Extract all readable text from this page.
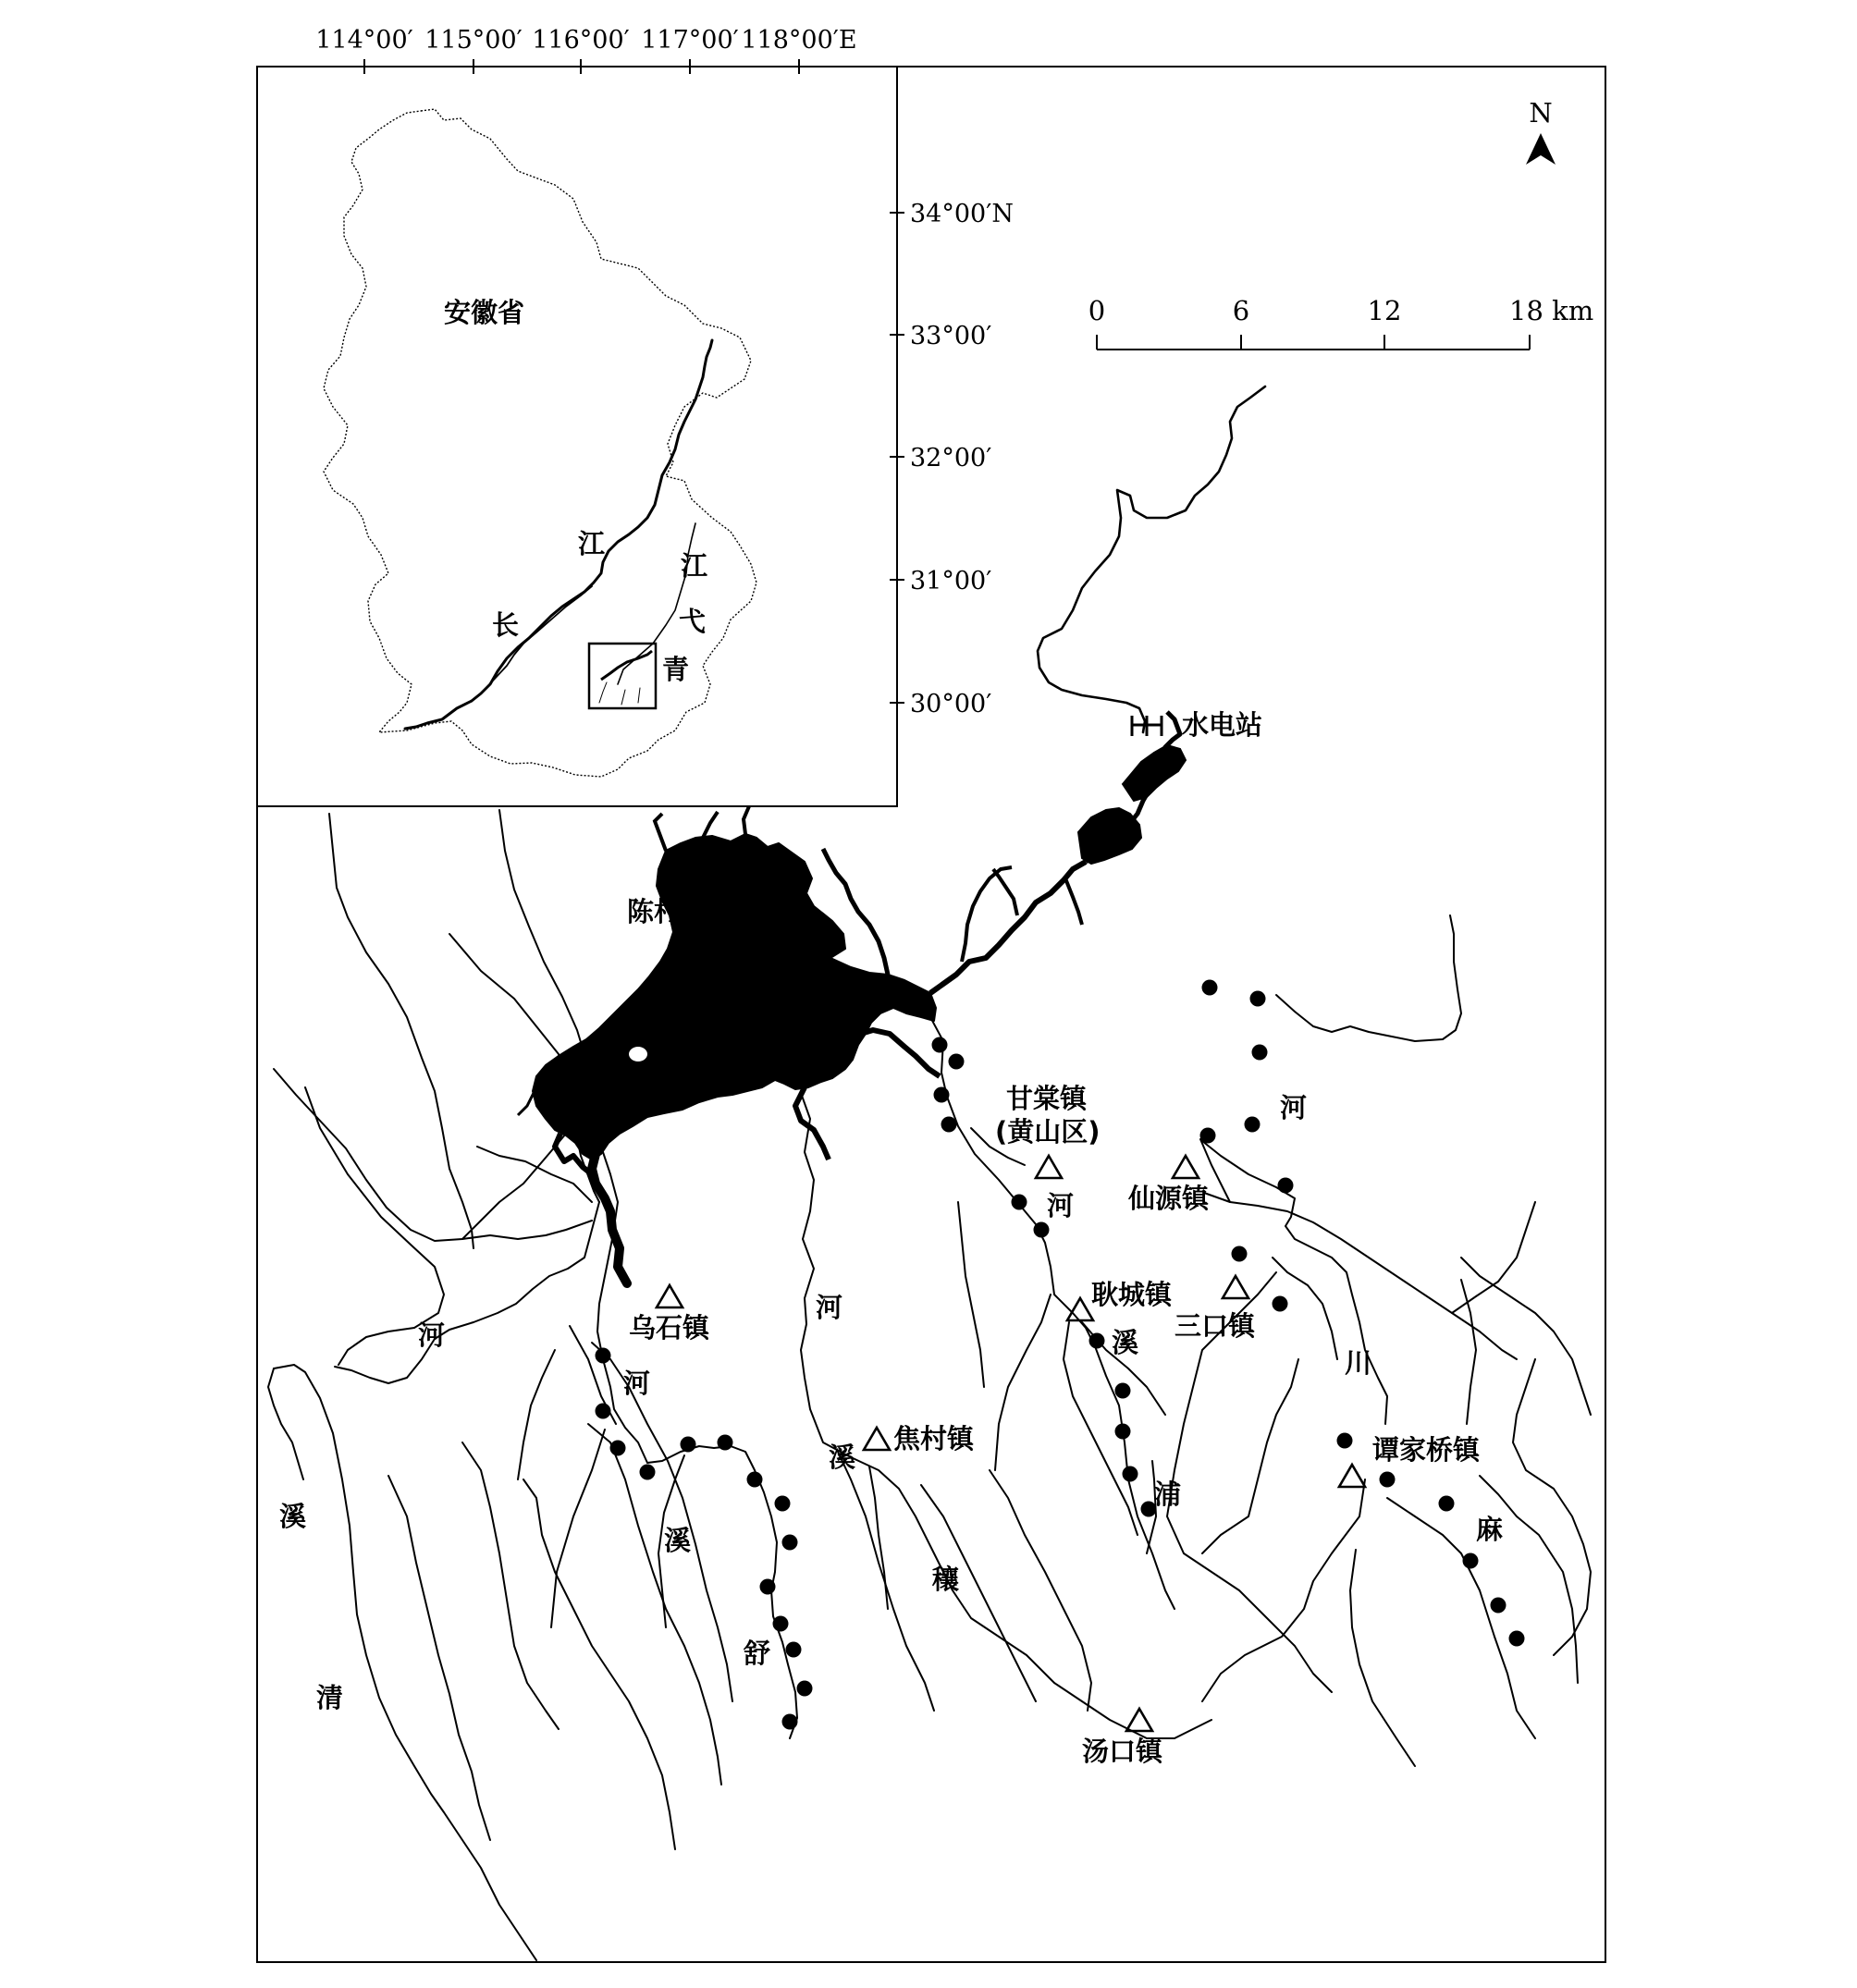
114°00′ 115°00′ 116°00′ 117°00′ 118°00′E
34°00′N
33°00′
32°00′
31°00′
30°00′
安徽省
江
长
江
弋
青
N
0	6	12	18 km
水电站
陈村水库
甘棠镇
(黄山区)
仙源镇
耿城镇
三口镇
乌石镇
焦村镇	谭家桥镇
汤口镇
河
溪
清
河
溪
舒
河
溪
穰
河
溪
浦
河
川
麻
